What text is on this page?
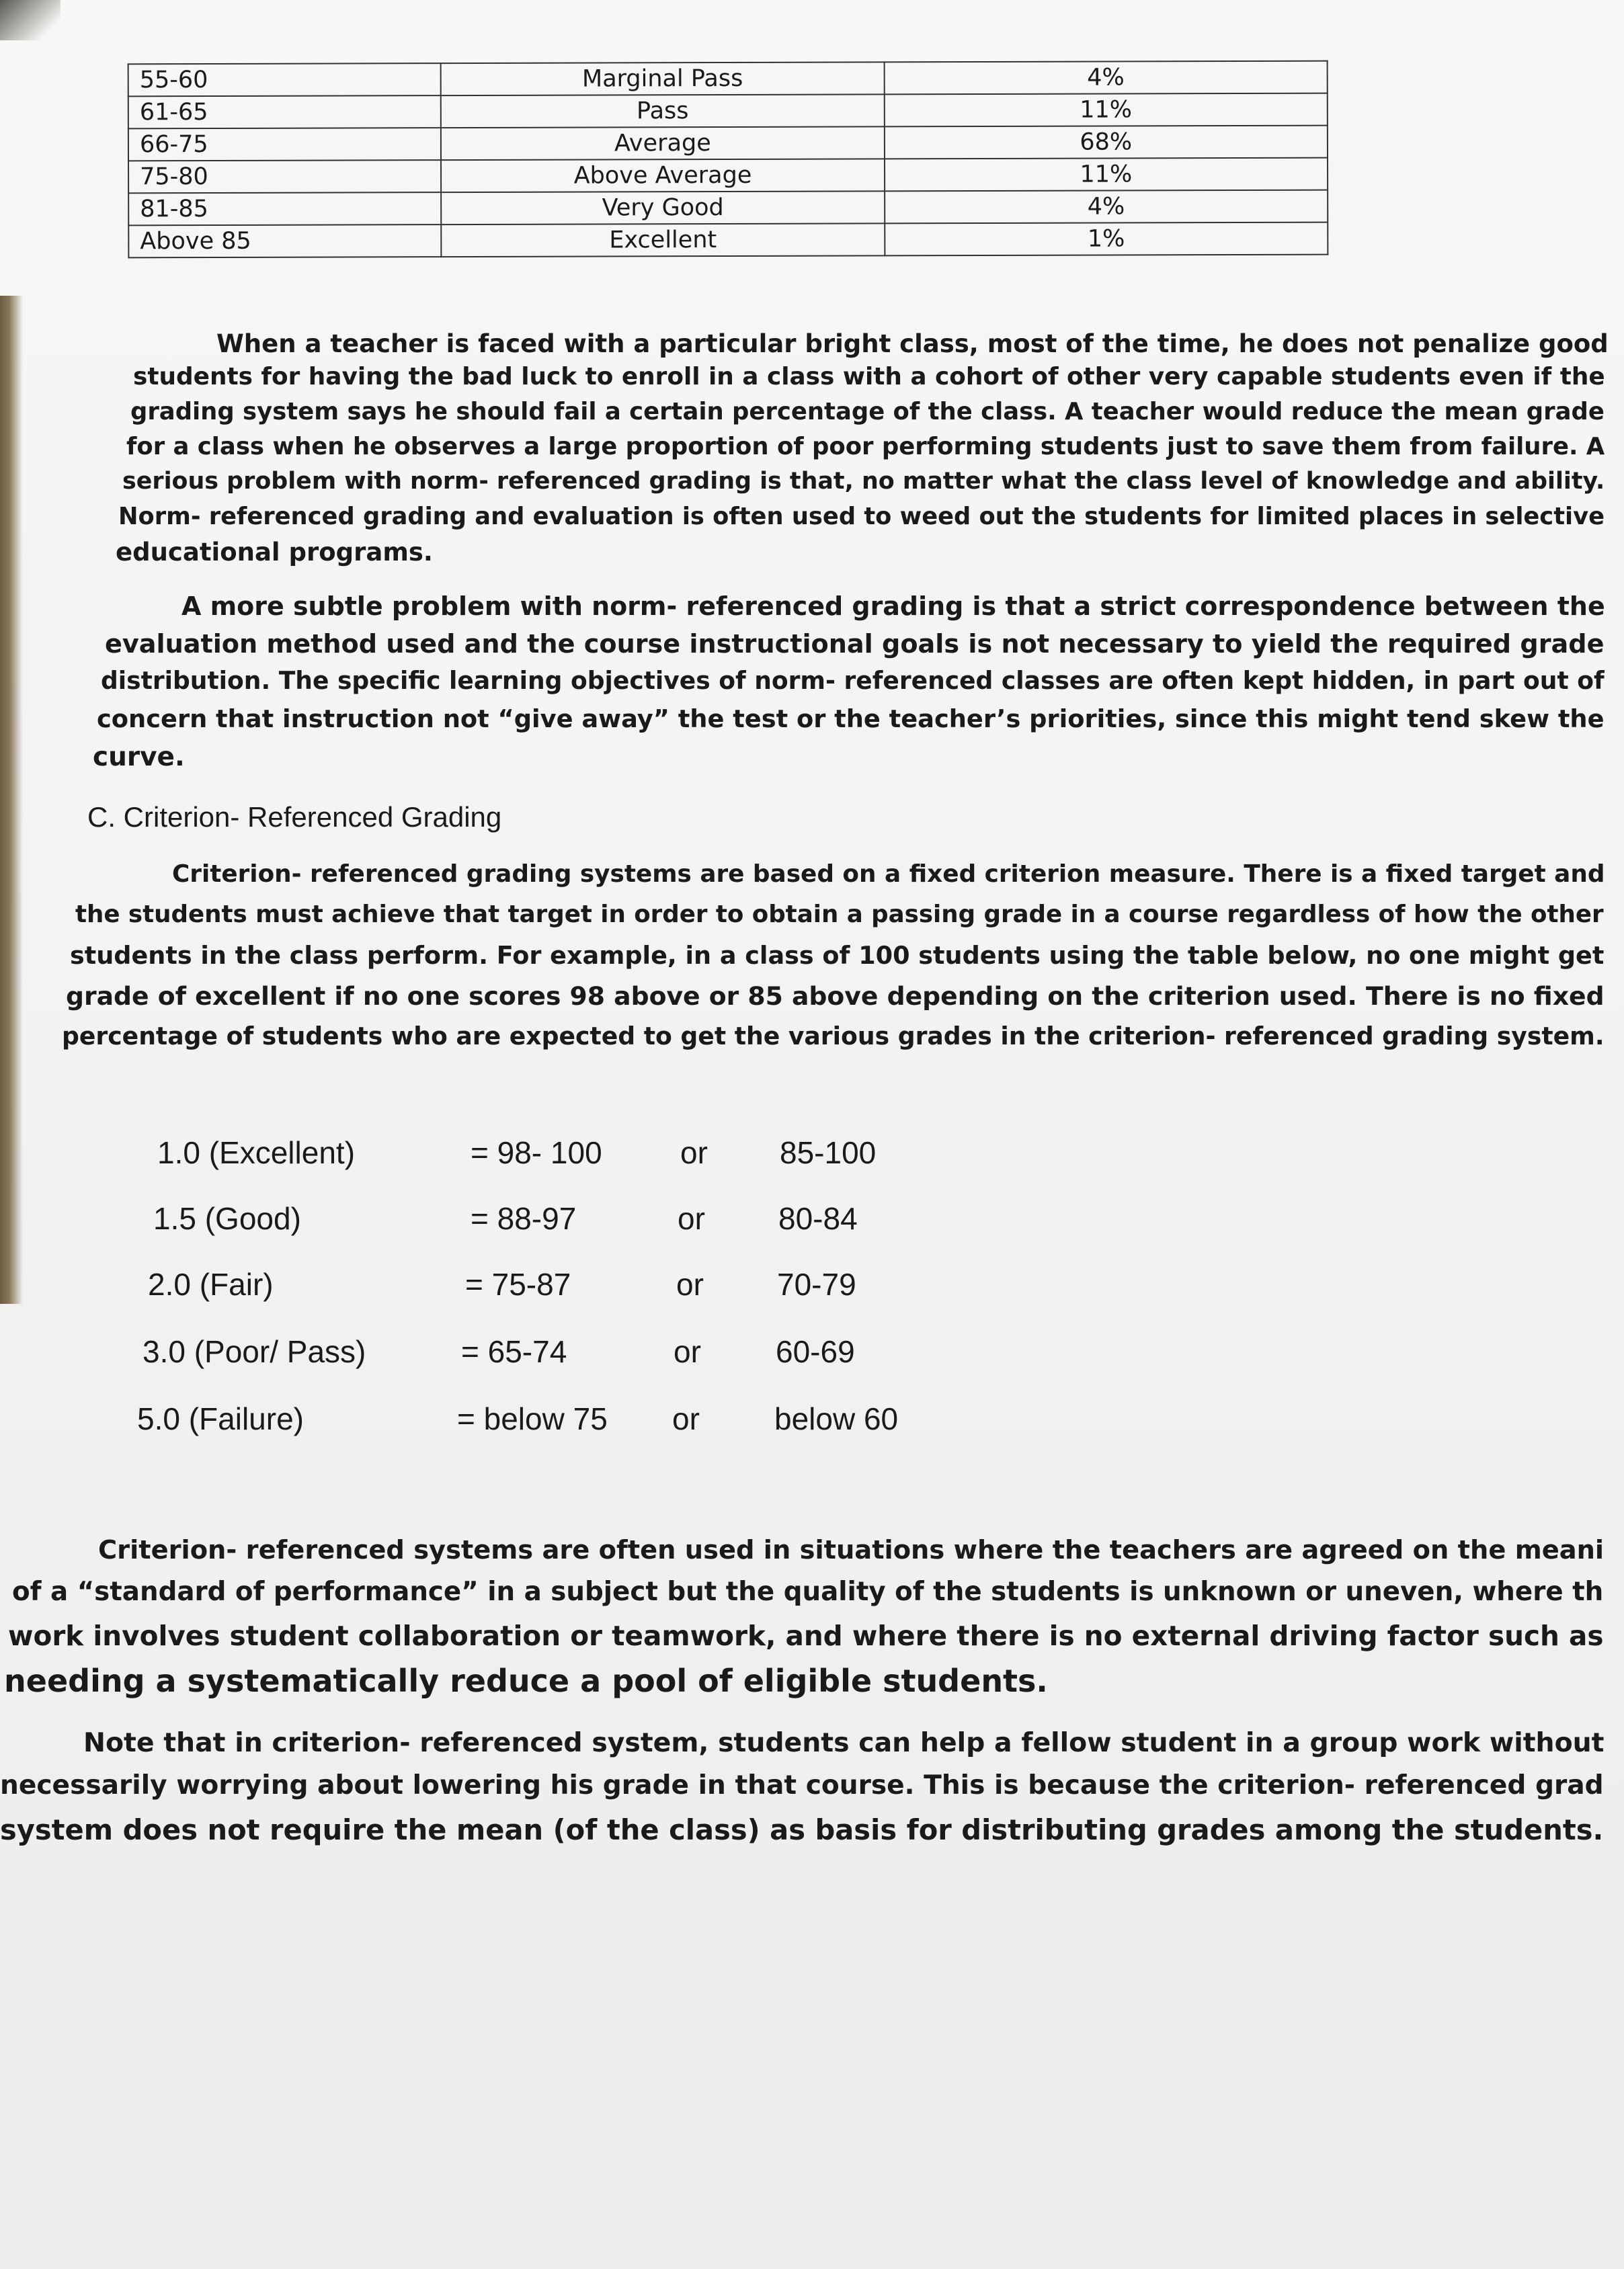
55-60	Marginal Pass	4%
61-65	Pass	11%
66-75	Average	68%
75-80	Above Average	11%
81-85	Very Good	4%
Above 85	Excellent	1%
When a teacher is faced with a particular bright class, most of the time, he does not penalize good
students for having the bad luck to enroll in a class with a cohort of other very capable students even if the
grading system says he should fail a certain percentage of the class. A teacher would reduce the mean grade
for a class when he observes a large proportion of poor performing students just to save them from failure. A
serious problem with norm- referenced grading is that, no matter what the class level of knowledge and ability.
Norm- referenced grading and evaluation is often used to weed out the students for limited places in selective
educational programs.
A more subtle problem with norm- referenced grading is that a strict correspondence between the
evaluation method used and the course instructional goals is not necessary to yield the required grade
distribution. The specific learning objectives of norm- referenced classes are often kept hidden, in part out of
concern that instruction not “give away” the test or the teacher’s priorities, since this might tend skew the
curve.
C. Criterion- Referenced Grading
Criterion- referenced grading systems are based on a fixed criterion measure. There is a fixed target and
the students must achieve that target in order to obtain a passing grade in a course regardless of how the other
students in the class perform. For example, in a class of 100 students using the table below, no one might get
grade of excellent if no one scores 98 above or 85 above depending on the criterion used. There is no fixed
percentage of students who are expected to get the various grades in the criterion- referenced grading system.
1.0 (Excellent)	= 98- 100	or 85-100
1.5 (Good)	= 88-97	or 80-84
2.0 (Fair)	= 75-87	or 70-79
3.0 (Poor/ Pass)	= 65-74	or 60-69
5.0 (Failure)	= below 75 or below 60
Criterion- referenced systems are often used in situations where the teachers are agreed on the meani
of a “standard of performance” in a subject but the quality of the students is unknown or uneven, where th
work involves student collaboration or teamwork, and where there is no external driving factor such as
needing a systematically reduce a pool of eligible students.
Note that in criterion- referenced system, students can help a fellow student in a group work without
necessarily worrying about lowering his grade in that course. This is because the criterion- referenced grad
system does not require the mean (of the class) as basis for distributing grades among the students.
